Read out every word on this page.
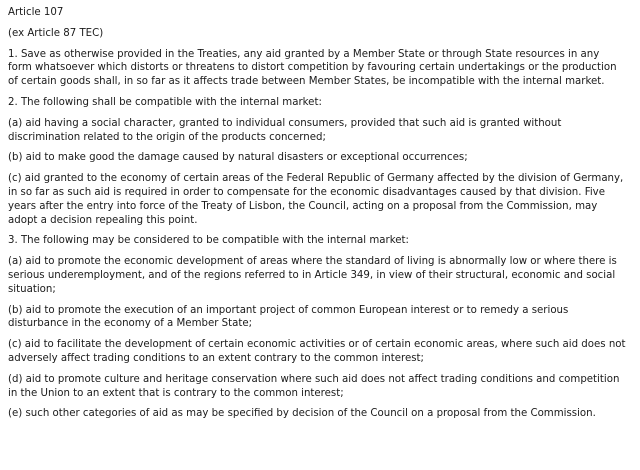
Article 107

(ex Article 87 TEC)

1. Save as otherwise provided in the Treaties, any aid granted by a Member State or through State resources in any form whatsoever which distorts or threatens to distort competition by favouring certain undertakings or the production of certain goods shall, in so far as it affects trade between Member States, be incompatible with the internal market.

2. The following shall be compatible with the internal market:

(a) aid having a social character, granted to individual consumers, provided that such aid is granted without discrimination related to the origin of the products concerned;

(b) aid to make good the damage caused by natural disasters or exceptional occurrences;

(c) aid granted to the economy of certain areas of the Federal Republic of Germany affected by the division of Germany, in so far as such aid is required in order to compensate for the economic disadvantages caused by that division. Five years after the entry into force of the Treaty of Lisbon, the Council, acting on a proposal from the Commission, may adopt a decision repealing this point.

3. The following may be considered to be compatible with the internal market:

(a) aid to promote the economic development of areas where the standard of living is abnormally low or where there is serious underemployment, and of the regions referred to in Article 349, in view of their structural, economic and social situation;

(b) aid to promote the execution of an important project of common European interest or to remedy a serious disturbance in the economy of a Member State;

(c) aid to facilitate the development of certain economic activities or of certain economic areas, where such aid does not adversely affect trading conditions to an extent contrary to the common interest;

(d) aid to promote culture and heritage conservation where such aid does not affect trading conditions and competition in the Union to an extent that is contrary to the common interest;

(e) such other categories of aid as may be specified by decision of the Council on a proposal from the Commission.
